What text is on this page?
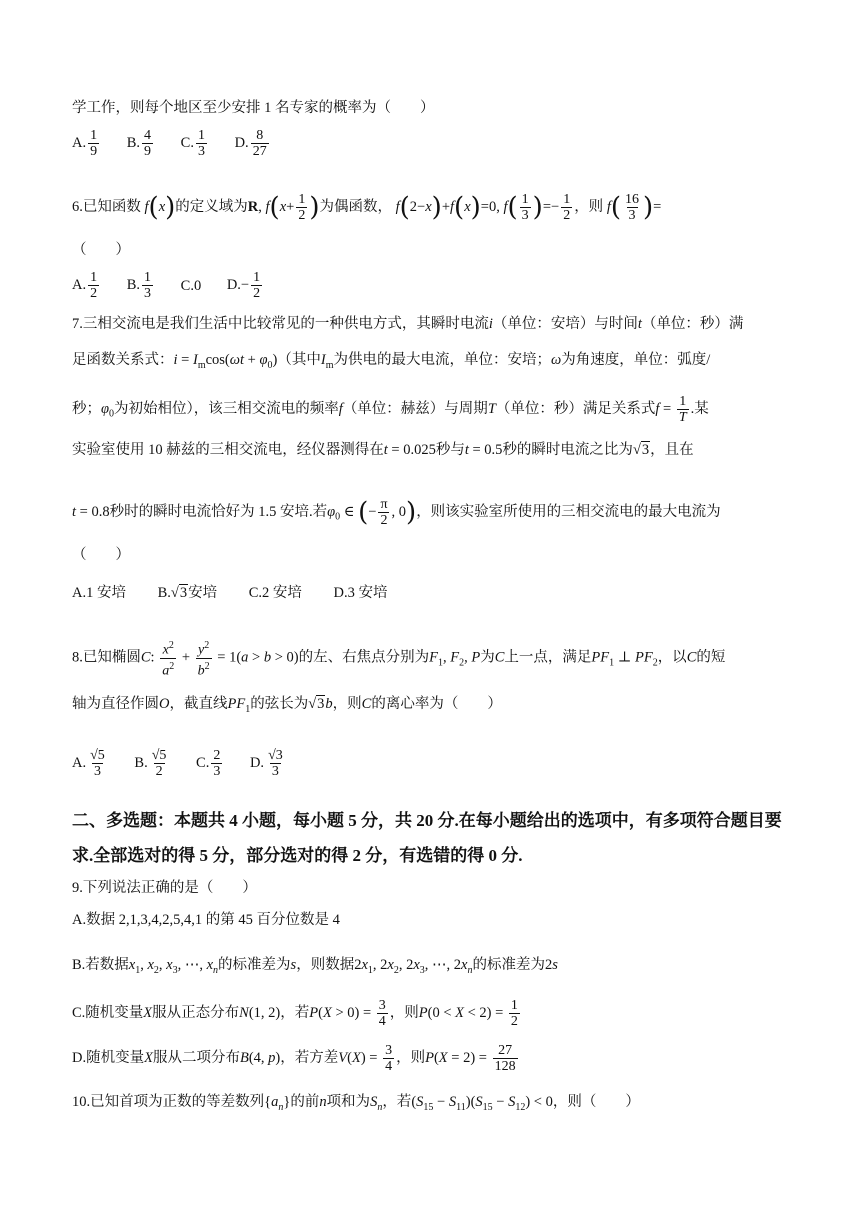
学工作，则每个地区至少安排 1 名专家的概率为（　　）
A. $\frac{1}{9} B$. $\frac{4}{9} C$. $\frac{1}{3} D$. $\frac{8}{27}$
6.已知函数 f(x)的定义域为R, $f(x+ \frac{1}{2}$ )为偶函数， f(2−x)+f(x)=0, $f( \frac{1}{3}$ )=− $\frac{1}{2}$ ，则 $f( \frac{16}{3}$ )=
（　　）
A. $\frac{1}{2} B$. $\frac{1}{3} C.0$ $D.- \frac{1}{2}$
7.三相交流电是我们生活中比较常见的一种供电方式，其瞬时电流i（单位：安培）与时间t（单位：秒）满
足函数关系式：$i = I_m\cos(\omega t + \varphi_0)$（其中$I_m$为供电的最大电流，单位：安培；ω为角速度，单位：弧度/
秒；$\varphi_0$为初始相位），该三相交流电的频率f（单位：赫兹）与周期T（单位：秒）满足关系式$f = \frac{1}{T}$ .某
实验室使用 10 赫兹的三相交流电，经仪器测得在t = 0.025秒与t = 0.5秒的瞬时电流之比为√3，且在
t = 0.8秒时的瞬时电流恰好为 1.5 安培.若$\varphi_0$ ∈ (− $\frac{\pi}{2}$ , 0)，则该实验室所使用的三相交流电的最大电流为
（　　）
A.1 安培 B.√3安培 C.2 安培 D.3 安培
8.已知椭圆C: $\frac{x^2}{a^2} + \frac{y^2}{b^2} = 1(a > b > 0)$的左、右焦点分别为$F_1$, $F_2$, P为C上一点，满足$PF_1$ ⊥ $PF_2$，以C的短
轴为直径作圆O，截直线$PF_1$的弦长为√3b，则C的离心率为（　　）
A. $\frac{√5}{3} B$. $\frac{√5}{2} C$. $\frac{2}{3} D$. $\frac{√3}{3}$
二、多选题：本题共 4 小题，每小题 5 分，共 20 分.在每小题给出的选项中，有多项符合题目要
求.全部选对的得 5 分，部分选对的得 2 分，有选错的得 0 分.
9.下列说法正确的是（　　）
A.数据 2,1,3,4,2,5,4,1 的第 45 百分位数是 4
B.若数据$x_1$, $x_2$, $x_3$, ⋯, $x_n$的标准差为s，则数据$2x_1$, $2x_2$, $2x_3$, ⋯, $2x_n$的标准差为2s
C.随机变量X服从正态分布N(1, 2)，若$P(X > 0) = \frac{3}{4}$ ，则$P(0 < X < 2) = \frac{1}{2}$
D.随机变量X服从二项分布B(4, p)，若方差$V(X) = \frac{3}{4}$ ，则$P(X = 2) = \frac{27}{128}$
10.已知首项为正数的等差数列$\{a_n\}$的前n项和为$S_n$，若$(S_{15} - S_{11})(S_{15} - S_{12}) < 0$，则（　　）
